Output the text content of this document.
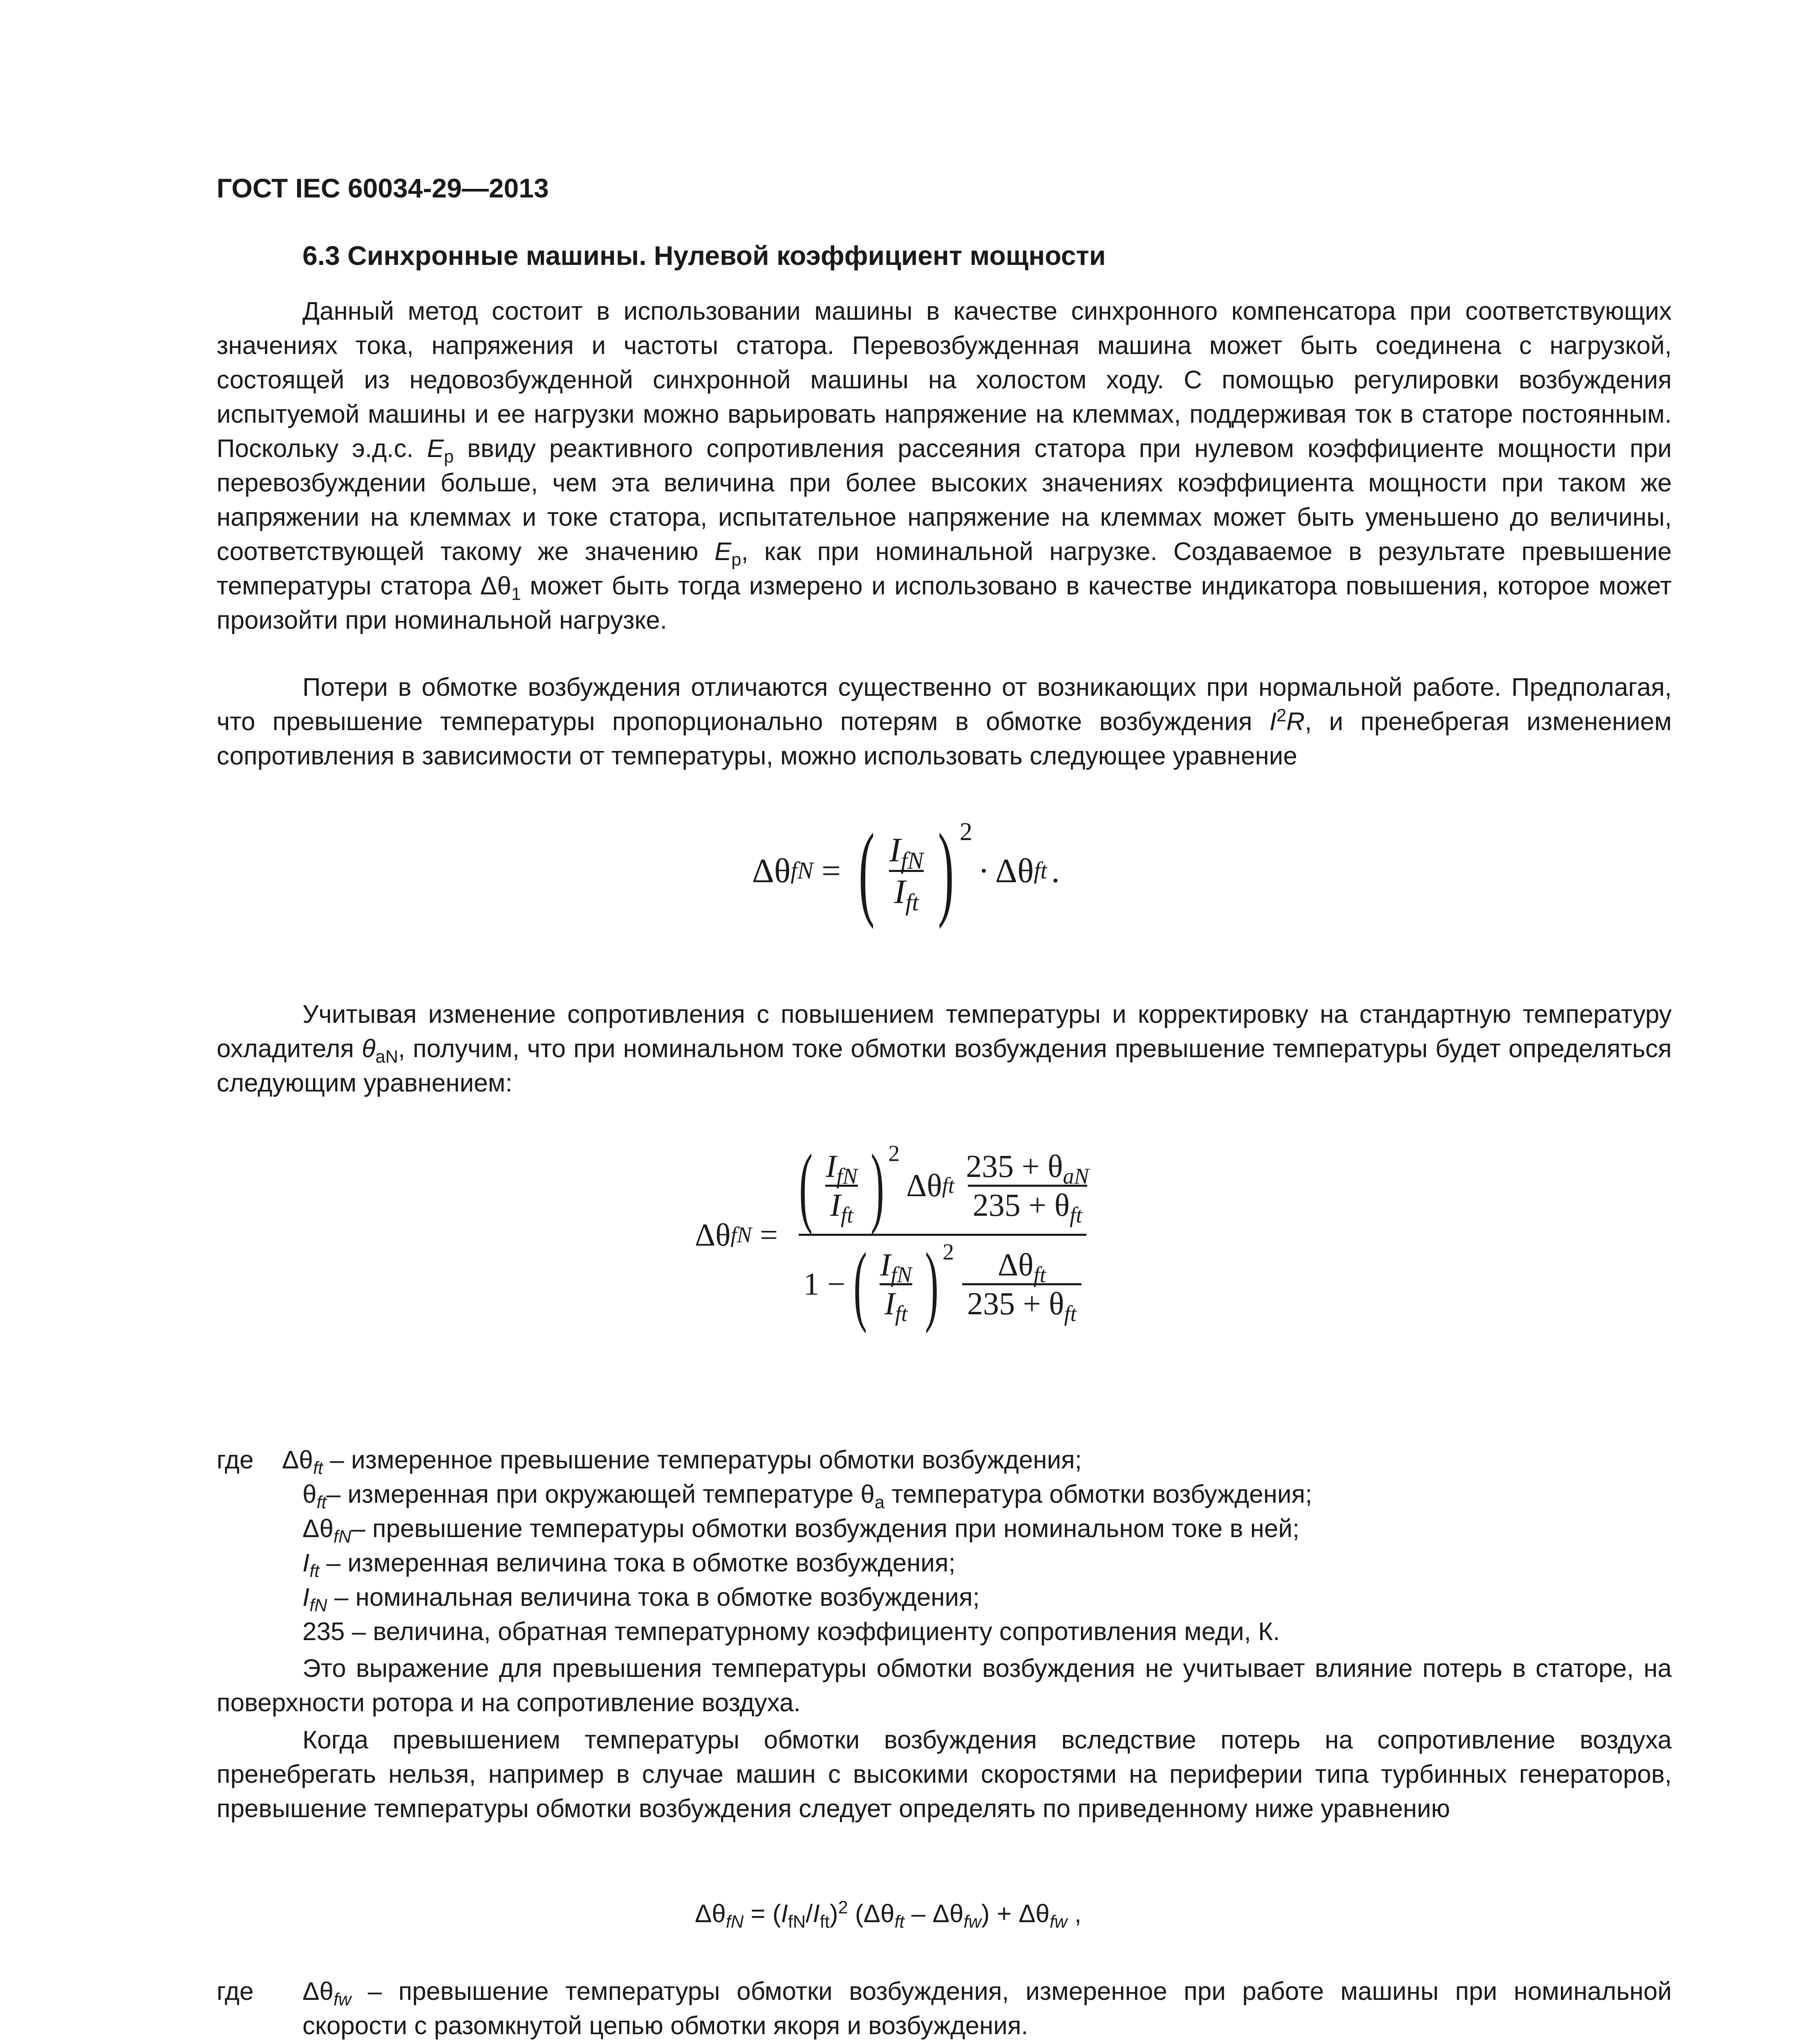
ГОСТ IEC 60034-29—2013
6.3 Синхронные машины. Нулевой коэффициент мощности
Данный метод состоит в использовании машины в качестве синхронного компенсатора при соответствующих значениях тока, напряжения и частоты статора. Перевозбужденная машина может быть соединена с нагрузкой, состоящей из недовозбужденной синхронной машины на холостом ходу. С помощью регулировки возбуждения испытуемой машины и ее нагрузки можно варьировать напряжение на клеммах, поддерживая ток в статоре постоянным. Поскольку э.д.с. $E_p$ ввиду реактивного сопротивления рассеяния статора при нулевом коэффициенте мощности при перевозбуждении больше, чем эта величина при более высоких значениях коэффициента мощности при таком же напряжении на клеммах и токе статора, испытательное напряжение на клеммах может быть уменьшено до величины, соответствующей такому же значению $E_p$, как при номинальной нагрузке. Создаваемое в результате превышение температуры статора $\Delta\theta_1$ может быть тогда измерено и использовано в качестве индикатора повышения, которое может произойти при номинальной нагрузке.
Потери в обмотке возбуждения отличаются существенно от возникающих при нормальной работе. Предполагая, что превышение температуры пропорционально потерям в обмотке возбуждения $I^2R$, и пренебрегая изменением сопротивления в зависимости от температуры, можно использовать следующее уравнение
Δθ fN = ( $\frac{I_{fN}}{I_{ft}}$ ) 2
· Δθ ft .
Учитывая изменение сопротивления с повышением температуры и корректировку на стандартную температуру охладителя $\theta_{aN}$, получим, что при номинальном токе обмотки возбуждения превышение температуры будет определяться следующим уравнением:
Δθ fN = ( $\frac{I_{fN}}{I_{ft}}$ ) 2
Δθ ft $\frac{235 + \theta_{aN}}{235 + \theta_{ft}}$
1 − ( $\frac{I_{fN}}{I_{ft}}$ ) $2 \frac{\Delta\theta_{ft}}{235 + \theta_{ft}}$
где $\Delta\theta_{ft}$ – измеренное превышение температуры обмотки возбуждения;
$\theta_{ft}-$ измеренная при окружающей температуре $\theta_a$ температура обмотки возбуждения;
$\Delta\theta_{fN}-$ превышение температуры обмотки возбуждения при номинальном токе в ней;
$I_{ft}$ – измеренная величина тока в обмотке возбуждения;
$I_{fN}$ – номинальная величина тока в обмотке возбуждения;
235 – величина, обратная температурному коэффициенту сопротивления меди, К.
Это выражение для превышения температуры обмотки возбуждения не учитывает влияние потерь в статоре, на поверхности ротора и на сопротивление воздуха.
Когда превышением температуры обмотки возбуждения вследствие потерь на сопротивление воздуха пренебрегать нельзя, например в случае машин с высокими скоростями на периферии типа турбинных генераторов, превышение температуры обмотки возбуждения следует определять по приведенному ниже уравнению
$\Delta\theta_{fN} = (I_{fN}/I_{ft})^2$ $(\Delta\theta_{ft} - \Delta\theta_{fw}) + \Delta\theta_{fw}$ ,
где $\Delta\theta_{fw}$ – превышение температуры обмотки возбуждения, измеренное при работе машины при номинальной скорости с разомкнутой цепью обмотки якоря и возбуждения.
